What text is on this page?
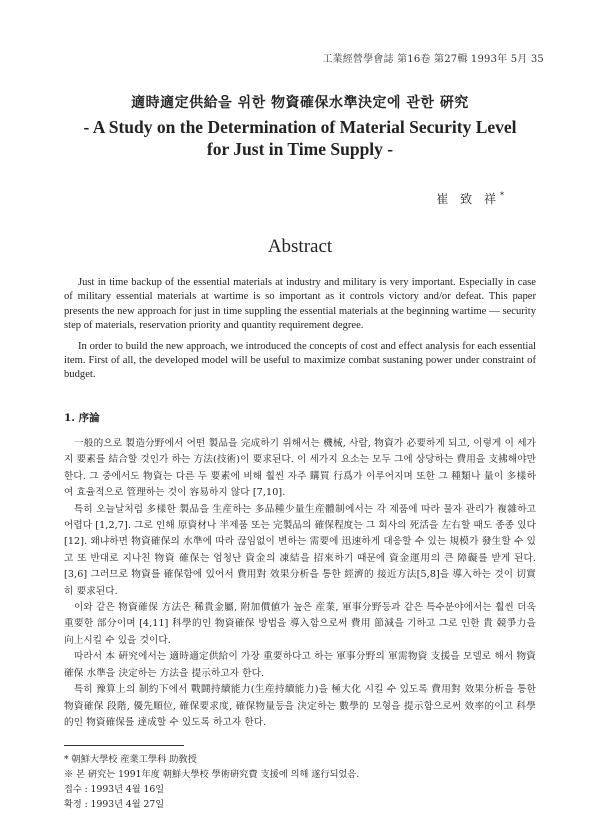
工業經營學會誌 第16卷 第27輯 1993年 5月 35

適時適定供給을 위한 物資確保水準決定에 관한 硏究

- A Study on the Determination of Material Security Level

for Just in Time Supply -

崔 致 祥*
Abstract

Just in time backup of the essential materials at industry and military is very important. Especially in case of military essential materials at wartime is so important as it controls victory and/or defeat. This paper presents the new approach for just in time suppling the essential materials at the beginning wartime — security step of materials, reservation priority and quantity requirement degree.

In order to build the new approach, we introduced the concepts of cost and effect analysis for each essential item. First of all, the developed model will be useful to maximize combat sustaning power under constraint of budget.

1. 序論

一般的으로 製造分野에서 어떤 製品을 完成하기 위해서는 機械, 사람, 物資가 必要하게 되고, 이렇게 이 세가지 要素를 結合할 것인가 하는 方法(技術)이 要求된다. 이 세가지 요소는 모두 그에 상당하는 費用을 支拂해야만 한다. 그 중에서도 物資는 다른 두 要素에 비해 훨씬 자주 購買 行爲가 이루어지며 또한 그 種類나 量이 多樣하여 효율적으로 管理하는 것이 容易하지 않다 [7,10].

특히 오늘날처럼 多樣한 製品을 生産하는 多品種少量生産體制에서는 각 제품에 따라 물자 관리가 複雜하고 어렵다 [1,2,7]. 그로 인해 原資材나 半제품 또는 完製品의 確保程度는 그 회사의 死活을 左右할 때도 종종 있다 [12]. 왜냐하면 物資確保의 水準에 따라 끊임없이 변하는 需要에 迅速하게 대응할 수 있는 規模가 發生할 수 있고 또 반대로 지나친 物資 確保는 엄청난 資金의 凍結을 招來하기 때문에 資金運用의 큰 障礙를 받게 된다.[3,6] 그러므로 物資를 確保함에 있어서 費用對 效果分析을 통한 經濟的 接近方法[5,8]을 導入하는 것이 切實히 要求된다.

이와 같은 物資確保 方法은 稀貴金屬, 附加價値가 높은 産業, 軍事分野등과 같은 특수분야에서는 훨씬 더욱 重要한 部分이며 [4,11] 科學的인 物資確保 방법을 導入함으로써 費用 節減을 기하고 그로 인한 貴 競爭力을 向上시킬 수 있을 것이다.

따라서 本 硏究에서는 適時適定供給이 가장 重要하다고 하는 軍事分野의 軍需物資 支援을 모델로 해서 物資確保 水準을 決定하는 方法을 提示하고자 한다.

특히 豫算上의 制約下에서 戰鬪持續能力(生産持續能力)을 極大化 시킬 수 있도록 費用對 效果分析을 통한 物資確保 段階, 優先順位, 確保要求度, 確保物量등을 決定하는 數學的 모형을 提示함으로써 效率的이고 科學的인 物資確保를 達成할 수 있도록 하고자 한다.

* 朝鮮大學校 産業工學科 助敎授
※ 본 硏究는 1991年度 朝鮮大學校 學術硏究費 支援에 의해 遂行되었음.
접수 : 1993년 4월 16일
확정 : 1993년 4월 27일
